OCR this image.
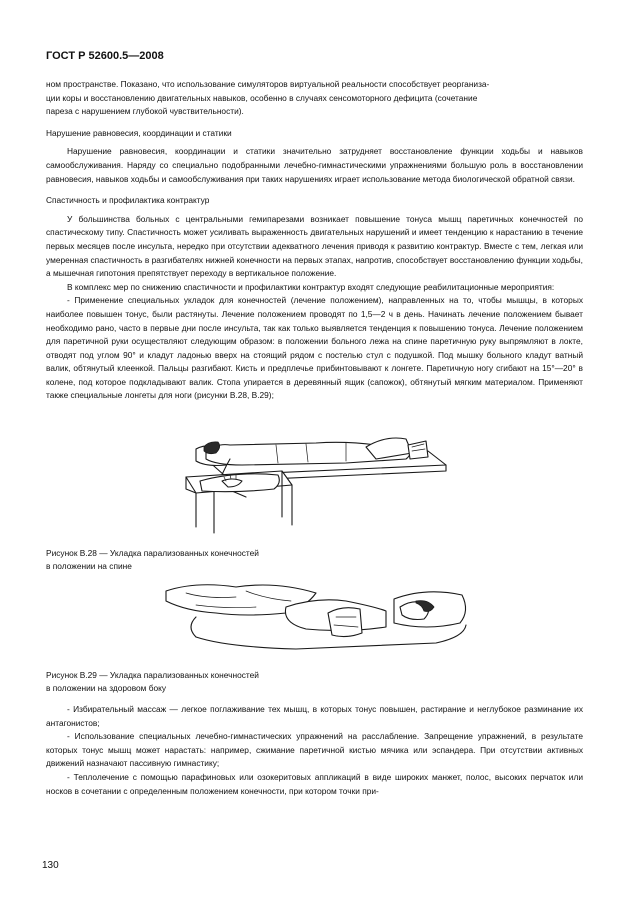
ГОСТ Р 52600.5—2008

ном пространстве. Показано, что использование симуляторов виртуальной реальности способствует реорганиза-

ции коры и восстановлению двигательных навыков, особенно в случаях сенсомоторного дефицита (сочетание

пареза с нарушением глубокой чувствительности).

Нарушение равновесия, координации и статики

Нарушение равновесия, координации и статики значительно затрудняет восстановление функции ходьбы и навыков самообслуживания. Наряду со специально подобранными лечебно-гимнастическими упражнениями большую роль в восстановлении равновесия, навыков ходьбы и самообслуживания при таких нарушениях играет использование метода биологической обратной связи.

Спастичность и профилактика контрактур

У большинства больных с центральными гемипарезами возникает повышение тонуса мышц паретичных конечностей по спастическому типу. Спастичность может усиливать выраженность двигательных нарушений и имеет тенденцию к нарастанию в течение первых месяцев после инсульта, нередко при отсутствии адекватного лечения приводя к развитию контрактур. Вместе с тем, легкая или умеренная спастичность в разгибателях нижней конечности на первых этапах, напротив, способствует восстановлению функции ходьбы, а мышечная гипотония препятствует переходу в вертикальное положение.

В комплекс мер по снижению спастичности и профилактики контрактур входят следующие реабилитационные мероприятия:

- Применение специальных укладок для конечностей (лечение положением), направленных на то, чтобы мышцы, в которых наиболее повышен тонус, были растянуты. Лечение положением проводят по 1,5—2 ч в день. Начинать лечение положением бывает необходимо рано, часто в первые дни после инсульта, так как только выявляется тенденция к повышению тонуса. Лечение положением для паретичной руки осуществляют следующим образом: в положении больного лежа на спине паретичную руку выпрямляют в локте, отводят под углом 90° и кладут ладонью вверх на стоящий рядом с постелью стул с подушкой. Под мышку больного кладут ватный валик, обтянутый клеенкой. Пальцы разгибают. Кисть и предплечье прибинтовывают к лонгете. Паретичную ногу сгибают на 15°—20° в колене, под которое подкладывают валик. Стопа упирается в деревянный ящик (сапожок), обтянутый мягким материалом. Применяют также специальные лонгеты для ноги (рисунки В.28, В.29);

Рисунок В.28 — Укладка парализованных конечностей

в положении на спине

Рисунок В.29 — Укладка парализованных конечностей

в положении на здоровом боку

- Избирательный массаж — легкое поглаживание тех мышц, в которых тонус повышен, растирание и неглубокое разминание их антагонистов;

- Использование специальных лечебно-гимнастических упражнений на расслабление. Запрещение упражнений, в результате которых тонус мышц может нарастать: например, сжимание паретичной кистью мячика или эспандера. При отсутствии активных движений назначают пассивную гимнастику;

- Теплолечение с помощью парафиновых или озокеритовых аппликаций в виде широких манжет, полос, высоких перчаток или носков в сочетании с определенным положением конечности, при котором точки при-

130
